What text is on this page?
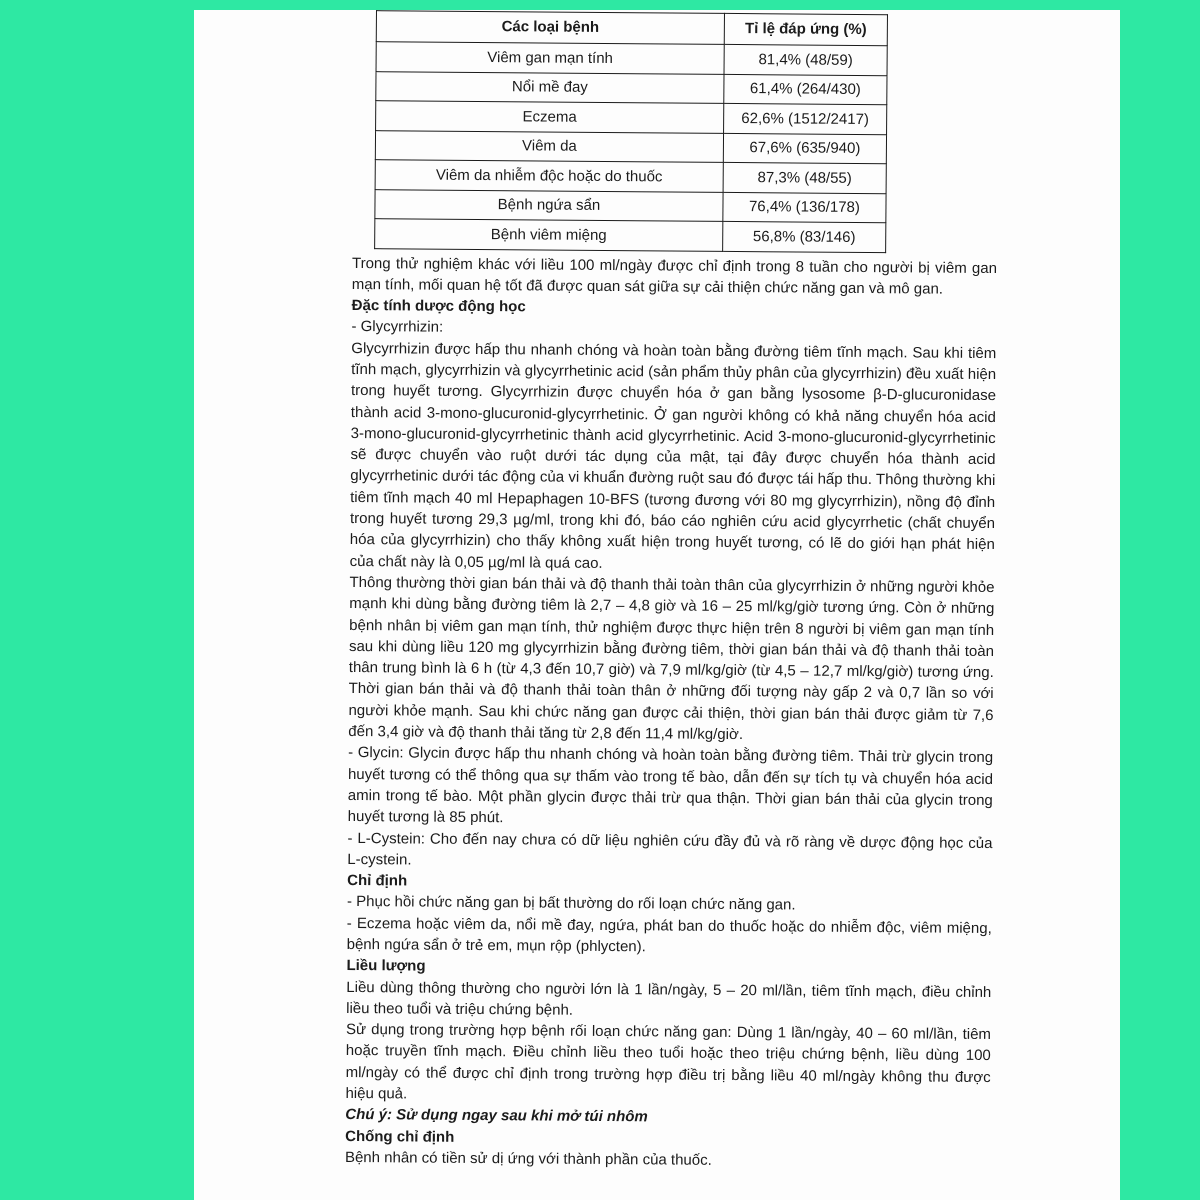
Các loại bệnh	Tỉ lệ đáp ứng (%)
Viêm gan mạn tính	81,4% (48/59)
Nổi mề đay	61,4% (264/430)
Eczema	62,6% (1512/2417)
Viêm da	67,6% (635/940)
Viêm da nhiễm độc hoặc do thuốc	87,3% (48/55)
Bệnh ngứa sẩn	76,4% (136/178)
Bệnh viêm miệng	56,8% (83/146)

Trong thử nghiệm khác với liều 100 ml/ngày được chỉ định trong 8 tuần cho người bị viêm gan mạn tính, mối quan hệ tốt đã được quan sát giữa sự cải thiện chức năng gan và mô gan.

Đặc tính dược động học

- Glycyrrhizin:

Glycyrrhizin được hấp thu nhanh chóng và hoàn toàn bằng đường tiêm tĩnh mạch. Sau khi tiêm tĩnh mạch, glycyrrhizin và glycyrrhetinic acid (sản phẩm thủy phân của glycyrrhizin) đều xuất hiện trong huyết tương. Glycyrrhizin được chuyển hóa ở gan bằng lysosome β-D-glucuronidase thành acid 3-mono-glucuronid-glycyrrhetinic. Ở gan người không có khả năng chuyển hóa acid 3-mono-glucuronid-glycyrrhetinic thành acid glycyrrhetinic. Acid 3-mono-glucuronid-glycyrrhetinic sẽ được chuyển vào ruột dưới tác dụng của mật, tại đây được chuyển hóa thành acid glycyrrhetinic dưới tác động của vi khuẩn đường ruột sau đó được tái hấp thu. Thông thường khi tiêm tĩnh mạch 40 ml Hepaphagen 10-BFS (tương đương với 80 mg glycyrrhizin), nồng độ đỉnh trong huyết tương 29,3 µg/ml, trong khi đó, báo cáo nghiên cứu acid glycyrrhetic (chất chuyển hóa của glycyrrhizin) cho thấy không xuất hiện trong huyết tương, có lẽ do giới hạn phát hiện của chất này là 0,05 µg/ml là quá cao.

Thông thường thời gian bán thải và độ thanh thải toàn thân của glycyrrhizin ở những người khỏe mạnh khi dùng bằng đường tiêm là 2,7 – 4,8 giờ và 16 – 25 ml/kg/giờ tương ứng. Còn ở những bệnh nhân bị viêm gan mạn tính, thử nghiệm được thực hiện trên 8 người bị viêm gan mạn tính sau khi dùng liều 120 mg glycyrrhizin bằng đường tiêm, thời gian bán thải và độ thanh thải toàn thân trung bình là 6 h (từ 4,3 đến 10,7 giờ) và 7,9 ml/kg/giờ (từ 4,5 – 12,7 ml/kg/giờ) tương ứng. Thời gian bán thải và độ thanh thải toàn thân ở những đối tượng này gấp 2 và 0,7 lần so với người khỏe mạnh. Sau khi chức năng gan được cải thiện, thời gian bán thải được giảm từ 7,6 đến 3,4 giờ và độ thanh thải tăng từ 2,8 đến 11,4 ml/kg/giờ.

- Glycin: Glycin được hấp thu nhanh chóng và hoàn toàn bằng đường tiêm. Thải trừ glycin trong huyết tương có thể thông qua sự thấm vào trong tế bào, dẫn đến sự tích tụ và chuyển hóa acid amin trong tế bào. Một phần glycin được thải trừ qua thận. Thời gian bán thải của glycin trong huyết tương là 85 phút.

- L-Cystein: Cho đến nay chưa có dữ liệu nghiên cứu đầy đủ và rõ ràng về dược động học của L-cystein.

Chỉ định

- Phục hồi chức năng gan bị bất thường do rối loạn chức năng gan.

- Eczema hoặc viêm da, nổi mề đay, ngứa, phát ban do thuốc hoặc do nhiễm độc, viêm miệng, bệnh ngứa sẩn ở trẻ em, mụn rộp (phlycten).

Liều lượng

Liều dùng thông thường cho người lớn là 1 lần/ngày, 5 – 20 ml/lần, tiêm tĩnh mạch, điều chỉnh liều theo tuổi và triệu chứng bệnh.

Sử dụng trong trường hợp bệnh rối loạn chức năng gan: Dùng 1 lần/ngày, 40 – 60 ml/lần, tiêm hoặc truyền tĩnh mạch. Điều chỉnh liều theo tuổi hoặc theo triệu chứng bệnh, liều dùng 100 ml/ngày có thể được chỉ định trong trường hợp điều trị bằng liều 40 ml/ngày không thu được hiệu quả.

Chú ý: Sử dụng ngay sau khi mở túi nhôm

Chống chỉ định

Bệnh nhân có tiền sử dị ứng với thành phần của thuốc.
